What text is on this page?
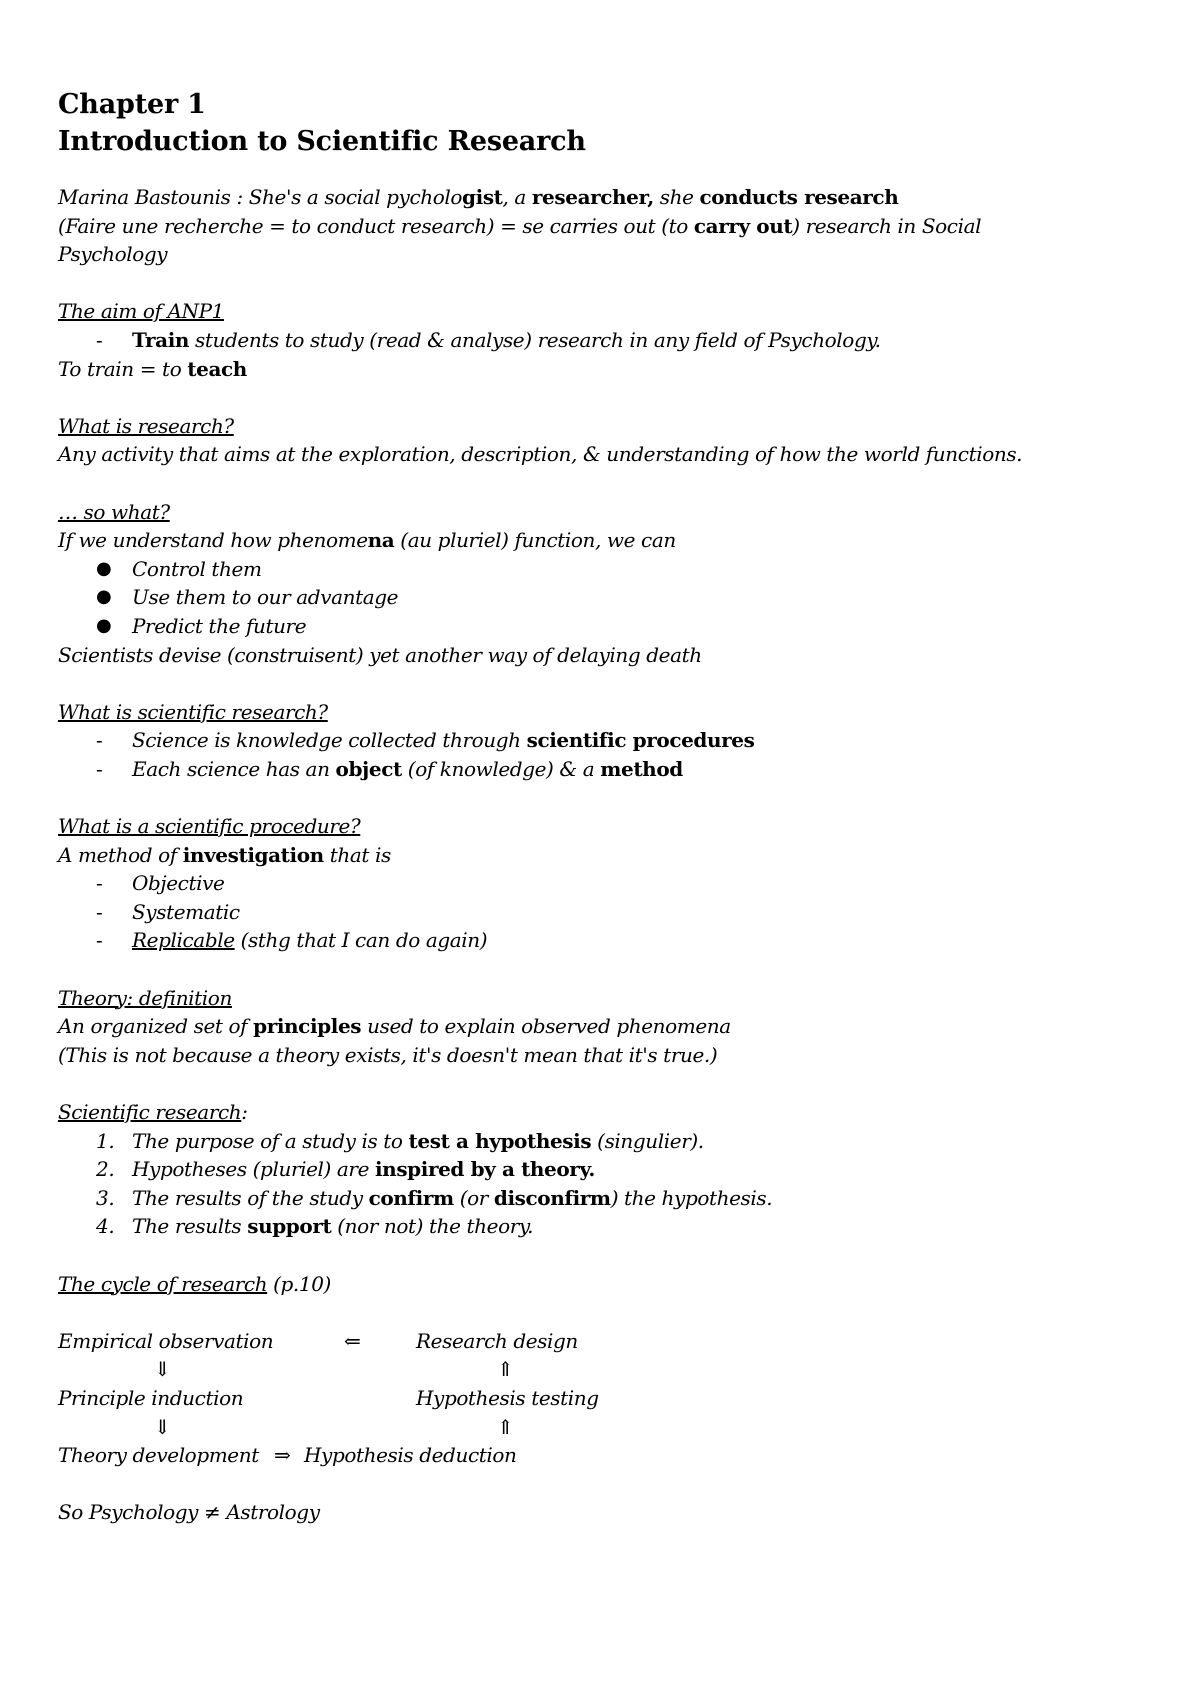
Chapter 1
Introduction to Scientific Research
Marina Bastounis : She's a social pychologist, a researcher, she conducts research
(Faire une recherche = to conduct research) = se carries out (to carry out) research in Social
Psychology
The aim of ANP1
- Train students to study (read & analyse) research in any field of Psychology.
To train = to teach
What is research?
Any activity that aims at the exploration, description, & understanding of how the world functions.
… so what?
If we understand how phenomena (au pluriel) function, we can
● Control them
● Use them to our advantage
● Predict the future
Scientists devise (construisent) yet another way of delaying death
What is scientific research?
- Science is knowledge collected through scientific procedures
- Each science has an object (of knowledge) & a method
What is a scientific procedure?
A method of investigation that is
- Objective
- Systematic
- Replicable (sthg that I can do again)
Theory: definition
An organized set of principles used to explain observed phenomena
(This is not because a theory exists, it's doesn't mean that it's true.)
Scientific research:
1. The purpose of a study is to test a hypothesis (singulier).
2. Hypotheses (pluriel) are inspired by a theory.
3. The results of the study confirm (or disconfirm) the hypothesis.
4. The results support (nor not) the theory.
The cycle of research (p.10)
Empirical observation	⇐	Research design
⇓	⇑
Principle induction	Hypothesis testing
⇓	⇑
Theory development ⇒ Hypothesis deduction
So Psychology ≠ Astrology
